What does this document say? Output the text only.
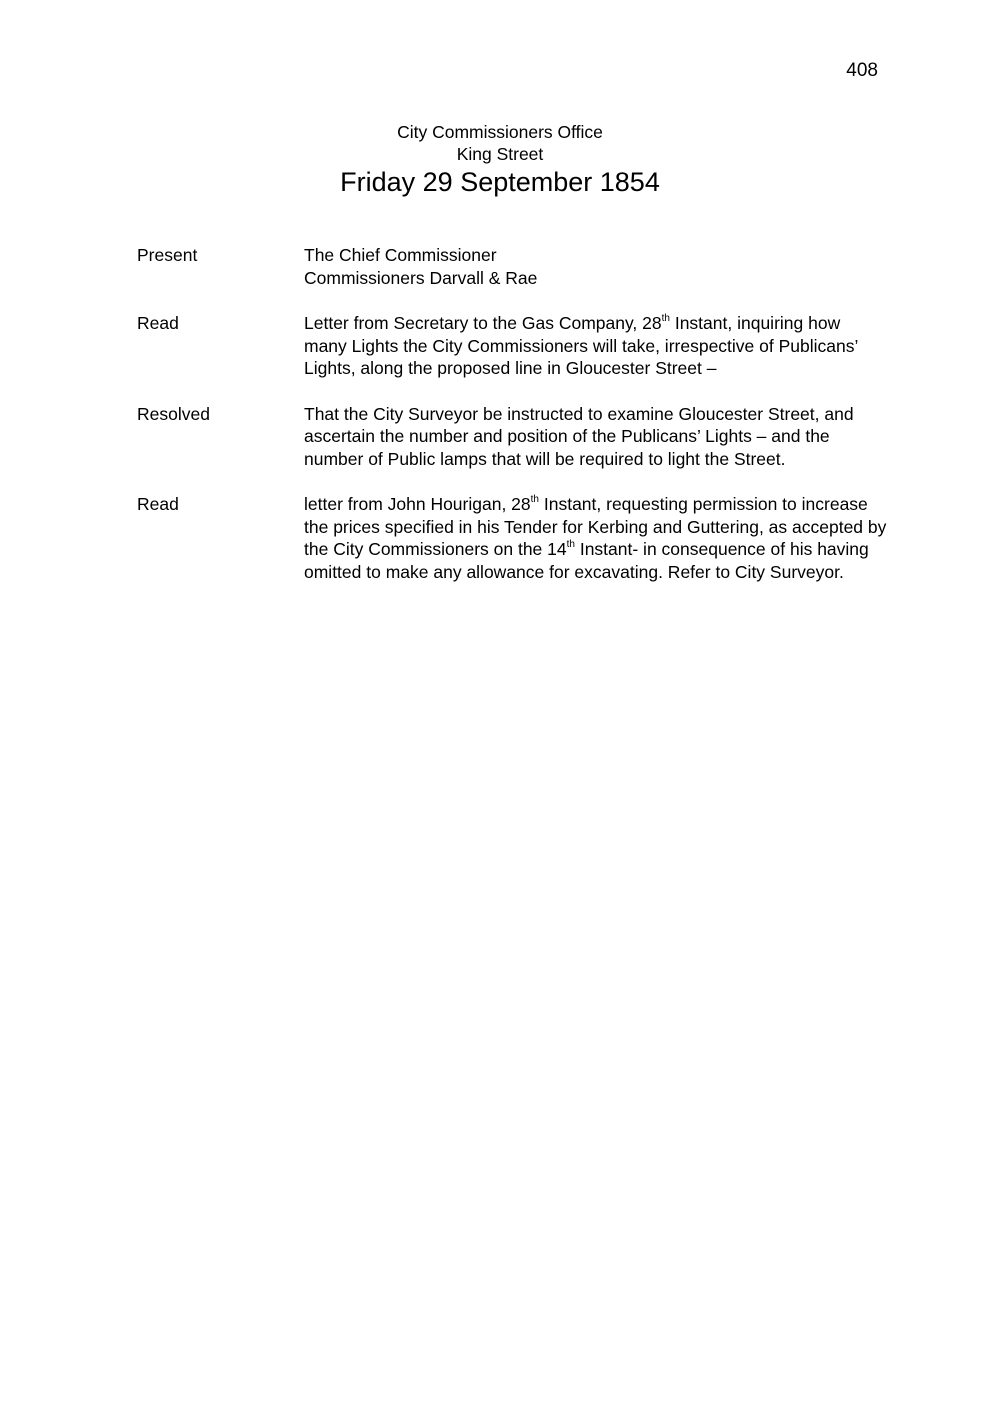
408
City Commissioners Office
King Street
Friday 29 September 1854
Present	The Chief Commissioner
Commissioners Darvall & Rae
Read	Letter from Secretary to the Gas Company, 28th Instant, inquiring how
many Lights the City Commissioners will take, irrespective of Publicans’
Lights, along the proposed line in Gloucester Street –
Resolved	That the City Surveyor be instructed to examine Gloucester Street, and
ascertain the number and position of the Publicans’ Lights – and the
number of Public lamps that will be required to light the Street.
Read	letter from John Hourigan, 28th Instant, requesting permission to increase
the prices specified in his Tender for Kerbing and Guttering, as accepted by
the City Commissioners on the 14th Instant- in consequence of his having
omitted to make any allowance for excavating. Refer to City Surveyor.
